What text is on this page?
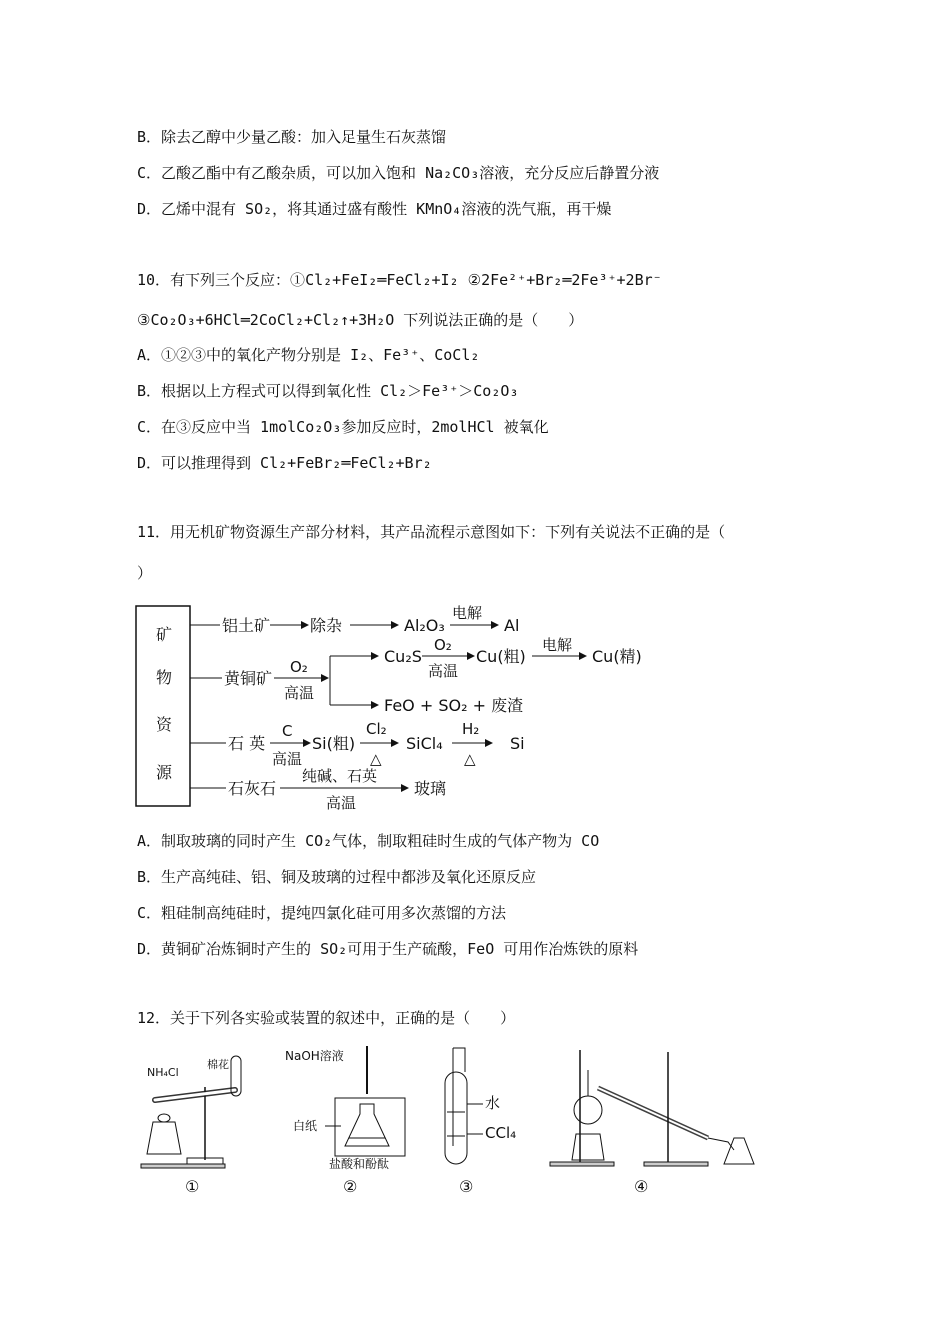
B．除去乙醇中少量乙酸：加入足量生石灰蒸馏
C．乙酸乙酯中有乙酸杂质，可以加入饱和 Na₂CO₃溶液，充分反应后静置分液
D．乙烯中混有 SO₂，将其通过盛有酸性 KMnO₄溶液的洗气瓶，再干燥
10．有下列三个反应：①Cl₂+FeI₂═FeCl₂+I₂ ②2Fe²⁺+Br₂═2Fe³⁺+2Br⁻
③Co₂O₃+6HCl═2CoCl₂+Cl₂↑+3H₂O 下列说法正确的是（　　）
A．①②③中的氧化产物分别是 I₂、Fe³⁺、CoCl₂
B．根据以上方程式可以得到氧化性 Cl₂＞Fe³⁺＞Co₂O₃
C．在③反应中当 1molCo₂O₃参加反应时，2molHCl 被氧化
D．可以推理得到 Cl₂+FeBr₂═FeCl₂+Br₂
11．用无机矿物资源生产部分材料，其产品流程示意图如下：下列有关说法不正确的是（
）
矿
物
资
源
铝土矿 除杂	Al₂O₃
电解
Al
黄铜矿
O₂
高温
Cu₂S
O₂
高温
Cu(粗)
电解
Cu(精)
FeO + SO₂ + 废渣
石 英
C
高温
Si(粗)
Cl₂
△
SiCl₄
H₂
△
Si
石灰石
纯碱、石英
高温
玻璃
A．制取玻璃的同时产生 CO₂气体，制取粗硅时生成的气体产物为 CO
B．生产高纯硅、铝、铜及玻璃的过程中都涉及氧化还原反应
C．粗硅制高纯硅时，提纯四氯化硅可用多次蒸馏的方法
D．黄铜矿冶炼铜时产生的 SO₂可用于生产硫酸，FeO 可用作冶炼铁的原料
12．关于下列各实验或装置的叙述中，正确的是（　　）
NH₄Cl
棉花
①
NaOH溶液
白纸
盐酸和酚酞
②
水
CCl₄
③	④
